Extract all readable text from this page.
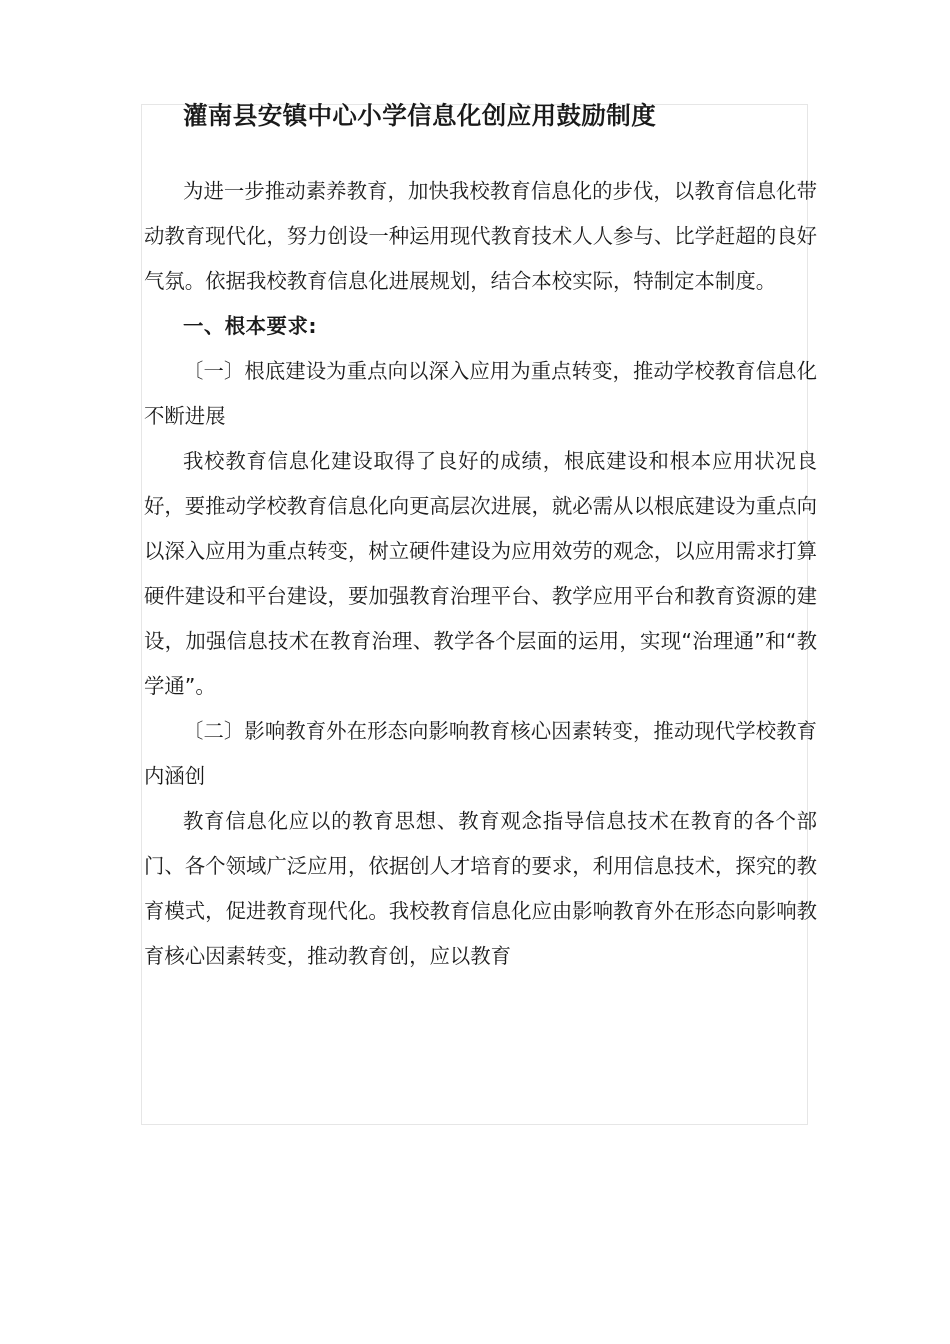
灌南县安镇中心小学信息化创应用鼓励制度

为进一步推动素养教育，加快我校教育信息化的步伐，以教育信息化带动教育现代化，努力创设一种运用现代教育技术人人参与、比学赶超的良好气氛。依据我校教育信息化进展规划，结合本校实际，特制定本制度。

一、根本要求:

〔一〕根底建设为重点向以深入应用为重点转变，推动学校教育信息化不断进展

我校教育信息化建设取得了良好的成绩，根底建设和根本应用状况良好，要推动学校教育信息化向更高层次进展，就必需从以根底建设为重点向以深入应用为重点转变，树立硬件建设为应用效劳的观念，以应用需求打算硬件建设和平台建设，要加强教育治理平台、教学应用平台和教育资源的建设，加强信息技术在教育治理、教学各个层面的运用，实现“治理通”和“教学通”。

〔二〕影响教育外在形态向影响教育核心因素转变，推动现代学校教育内涵创

教育信息化应以的教育思想、教育观念指导信息技术在教育的各个部门、各个领域广泛应用，依据创人才培育的要求，利用信息技术，探究的教育模式，促进教育现代化。我校教育信息化应由影响教育外在形态向影响教育核心因素转变，推动教育创，应以教育
